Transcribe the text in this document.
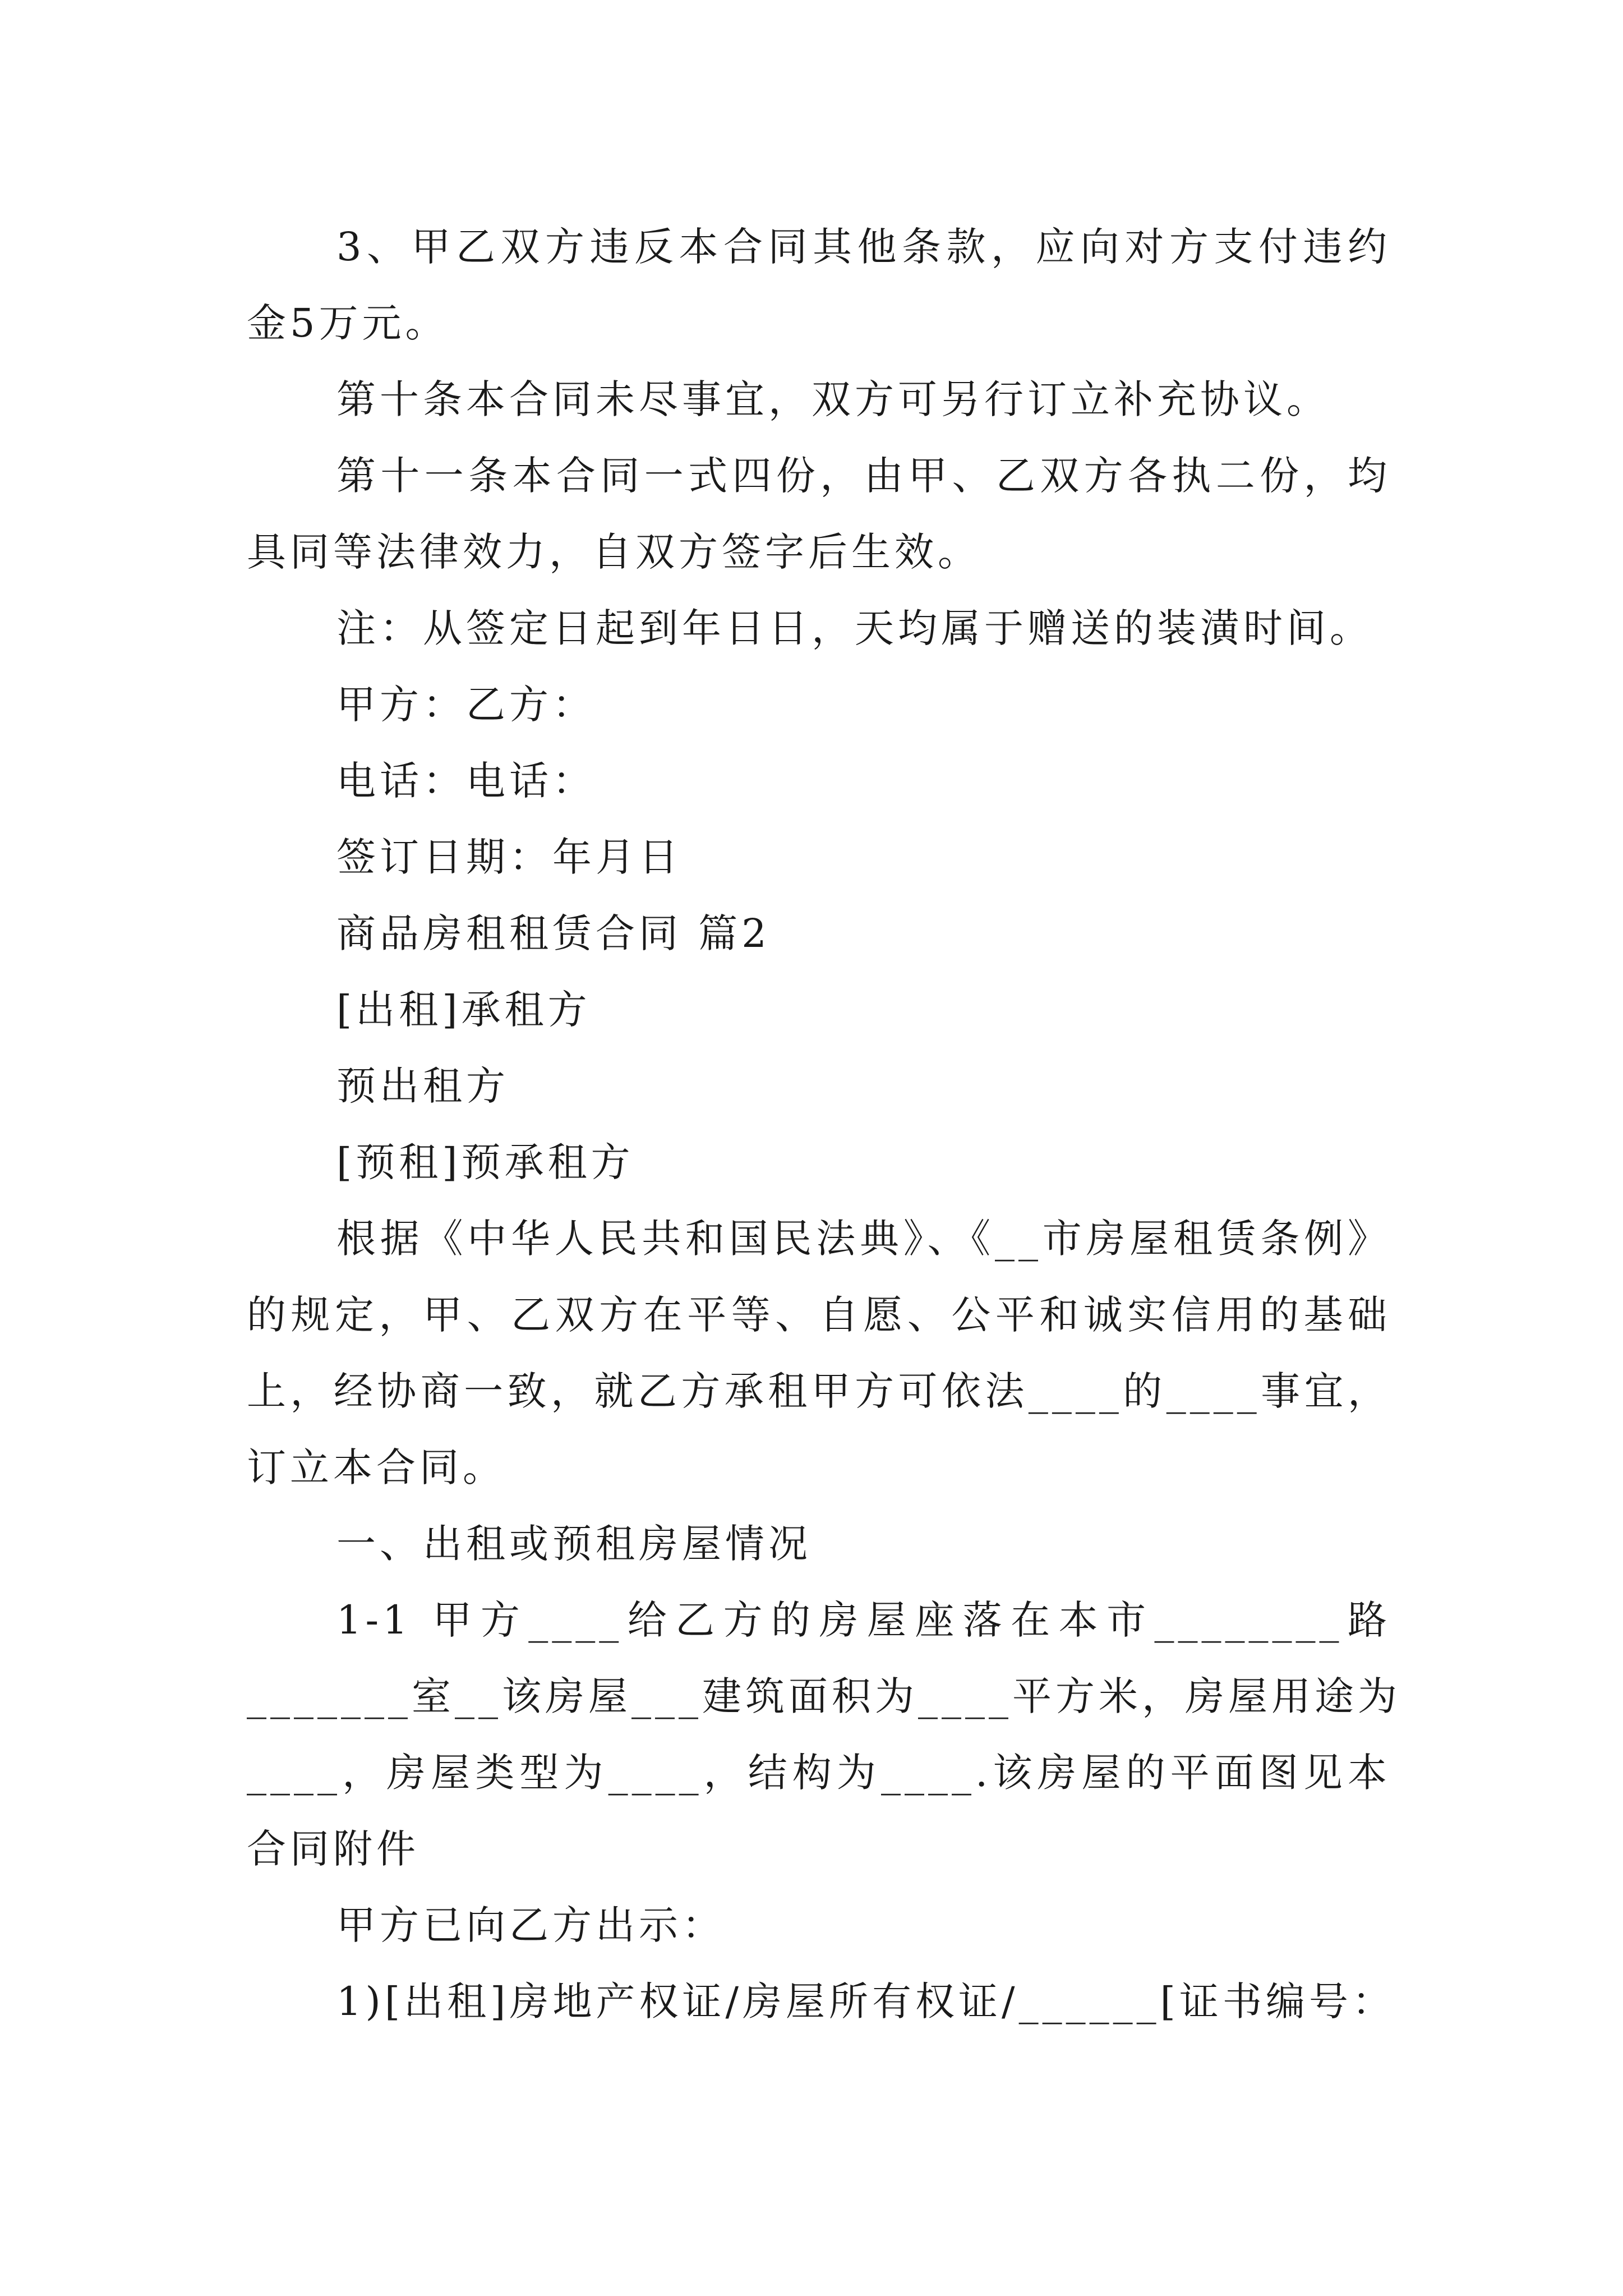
3、甲乙双方违反本合同其他条款，应向对方支付违约
金5万元。
第十条本合同未尽事宜，双方可另行订立补充协议。
第十一条本合同一式四份，由甲、乙双方各执二份，均
具同等法律效力，自双方签字后生效。
注：从签定日起到年日日，天均属于赠送的装潢时间。
甲方：乙方：
电话：电话：
签订日期：年月日
商品房租租赁合同 篇2
[出租]承租方
预出租方
[预租]预承租方
根据《中华人民共和国民法典》、《__市房屋租赁条例》
的规定，甲、乙双方在平等、自愿、公平和诚实信用的基础
上，经协商一致，就乙方承租甲方可依法____的____事宜，
订立本合同。
一、出租或预租房屋情况
1-1 甲方____给乙方的房屋座落在本市________路
_______室__该房屋___建筑面积为____平方米，房屋用途为
____，房屋类型为____，结构为____.该房屋的平面图见本
合同附件
甲方已向乙方出示：
1)[出租]房地产权证/房屋所有权证/______[证书编号：
